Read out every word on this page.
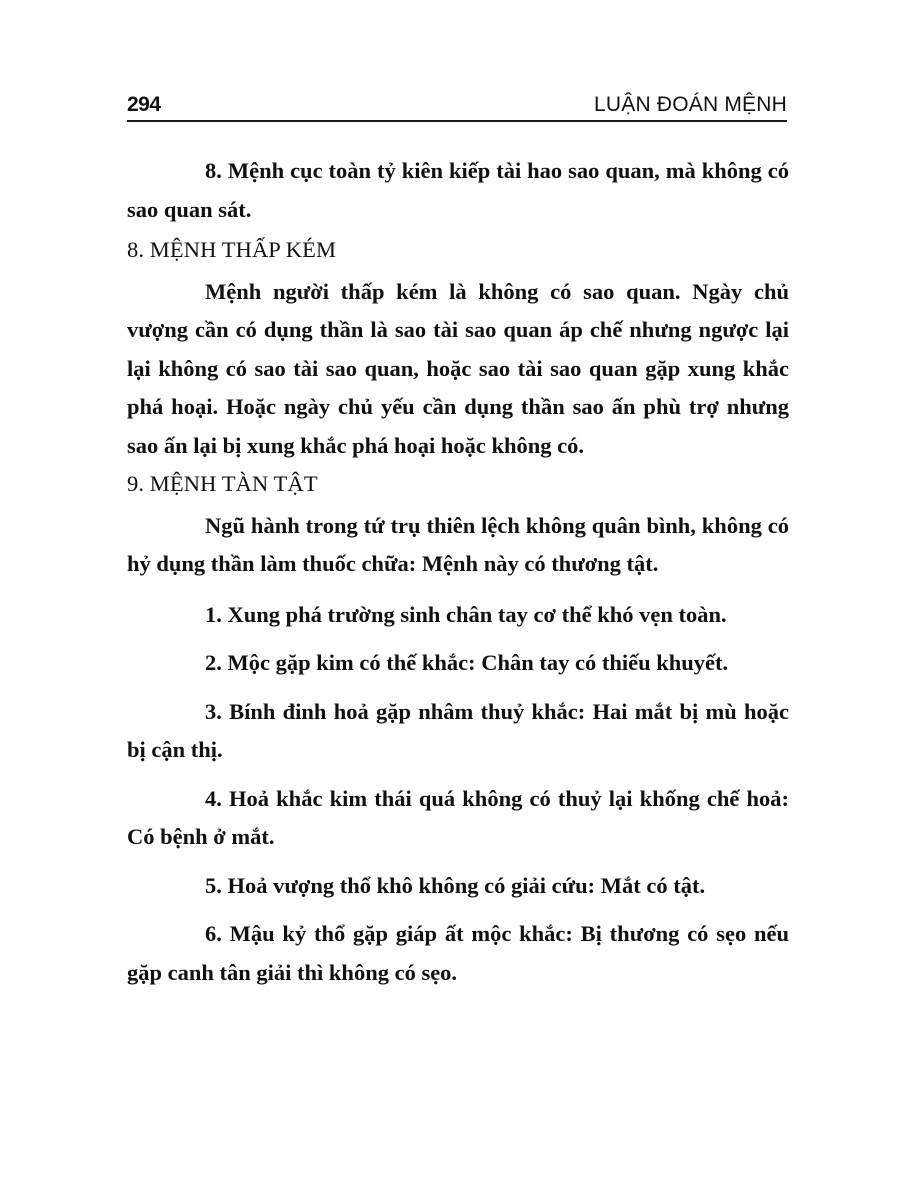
294	LUẬN ĐOÁN MỆNH

8. Mệnh cục toàn tỷ kiên kiếp tài hao sao quan, mà không có sao quan sát.

8. MỆNH THẤP KÉM

Mệnh người thấp kém là không có sao quan. Ngày chủ vượng cần có dụng thần là sao tài sao quan áp chế nhưng ngược lại lại không có sao tài sao quan, hoặc sao tài sao quan gặp xung khắc phá hoại. Hoặc ngày chủ yếu cần dụng thần sao ấn phù trợ nhưng sao ấn lại bị xung khắc phá hoại hoặc không có.

9. MỆNH TÀN TẬT

Ngũ hành trong tứ trụ thiên lệch không quân bình, không có hỷ dụng thần làm thuốc chữa: Mệnh này có thương tật.

1. Xung phá trường sinh chân tay cơ thể khó vẹn toàn.

2. Mộc gặp kim có thế khắc: Chân tay có thiếu khuyết.

3. Bính đinh hoả gặp nhâm thuỷ khắc: Hai mắt bị mù hoặc bị cận thị.

4. Hoả khắc kim thái quá không có thuỷ lại khống chế hoả: Có bệnh ở mắt.

5. Hoả vượng thổ khô không có giải cứu: Mắt có tật.

6. Mậu kỷ thổ gặp giáp ất mộc khắc: Bị thương có sẹo nếu gặp canh tân giải thì không có sẹo.
